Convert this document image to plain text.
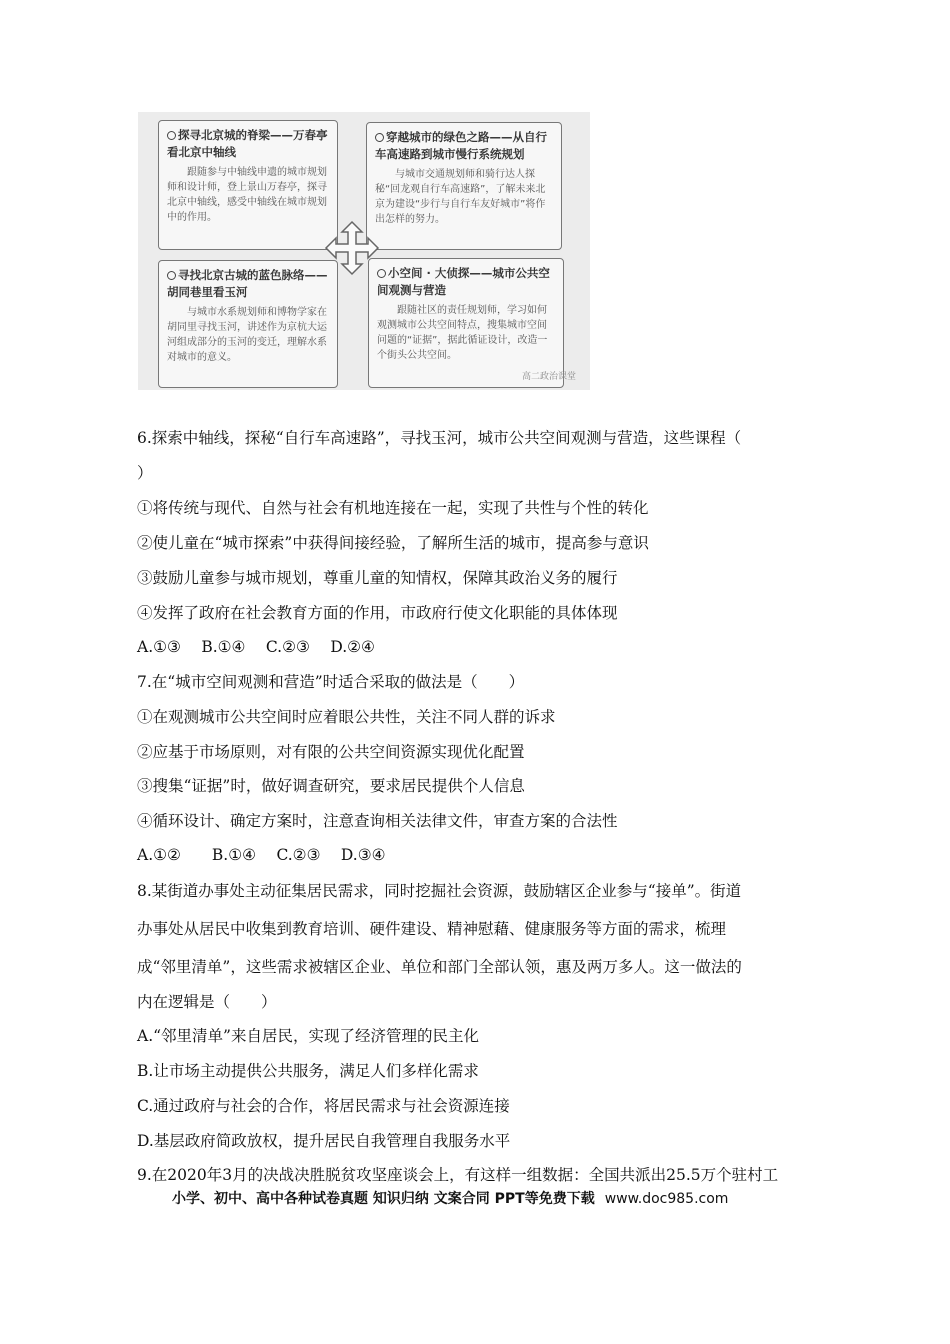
探寻北京城的脊梁——万春亭看北京中轴线
跟随参与中轴线申遗的城市规划师和设计师，登上景山万春亭，探寻北京中轴线，感受中轴线在城市规划中的作用。
穿越城市的绿色之路——从自行车高速路到城市慢行系统规划
与城市交通规划师和骑行达人探秘“回龙观自行车高速路”，了解未来北京为建设“步行与自行车友好城市”将作出怎样的努力。
寻找北京古城的蓝色脉络——胡同巷里看玉河
与城市水系规划师和博物学家在胡同里寻找玉河，讲述作为京杭大运河组成部分的玉河的变迁，理解水系对城市的意义。
小空间 · 大侦探——城市公共空间观测与营造
跟随社区的责任规划师，学习如何观测城市公共空间特点，搜集城市空间问题的“证据”，据此循证设计，改造一个街头公共空间。
高二政治课堂
6.探索中轴线，探秘“自行车高速路”，寻找玉河，城市公共空间观测与营造，这些课程（
）
①将传统与现代、自然与社会有机地连接在一起，实现了共性与个性的转化
②使儿童在“城市探索”中获得间接经验，了解所生活的城市，提高参与意识
③鼓励儿童参与城市规划，尊重儿童的知情权，保障其政治义务的履行
④发挥了政府在社会教育方面的作用，市政府行使文化职能的具体体现
A.①③　 B.①④　 C.②③　 D.②④
7.在“城市空间观测和营造”时适合采取的做法是（　　）
①在观测城市公共空间时应着眼公共性，关注不同人群的诉求
②应基于市场原则，对有限的公共空间资源实现优化配置
③搜集“证据”时，做好调查研究，要求居民提供个人信息
④循环设计、确定方案时，注意查询相关法律文件，审查方案的合法性
A.①②　　B.①④　 C.②③　 D.③④
8.某街道办事处主动征集居民需求，同时挖掘社会资源，鼓励辖区企业参与“接单”。街道
办事处从居民中收集到教育培训、硬件建设、精神慰藉、健康服务等方面的需求，梳理
成“邻里清单”，这些需求被辖区企业、单位和部门全部认领，惠及两万多人。这一做法的
内在逻辑是（　　）
A.“邻里清单”来自居民，实现了经济管理的民主化
B.让市场主动提供公共服务，满足人们多样化需求
C.通过政府与社会的合作，将居民需求与社会资源连接
D.基层政府简政放权，提升居民自我管理自我服务水平
9.在2020年3月的决战决胜脱贫攻坚座谈会上，有这样一组数据：全国共派出25.5万个驻村工
小学、初中、高中各种试卷真题 知识归纳 文案合同 PPT等免费下载 www.doc985.com
